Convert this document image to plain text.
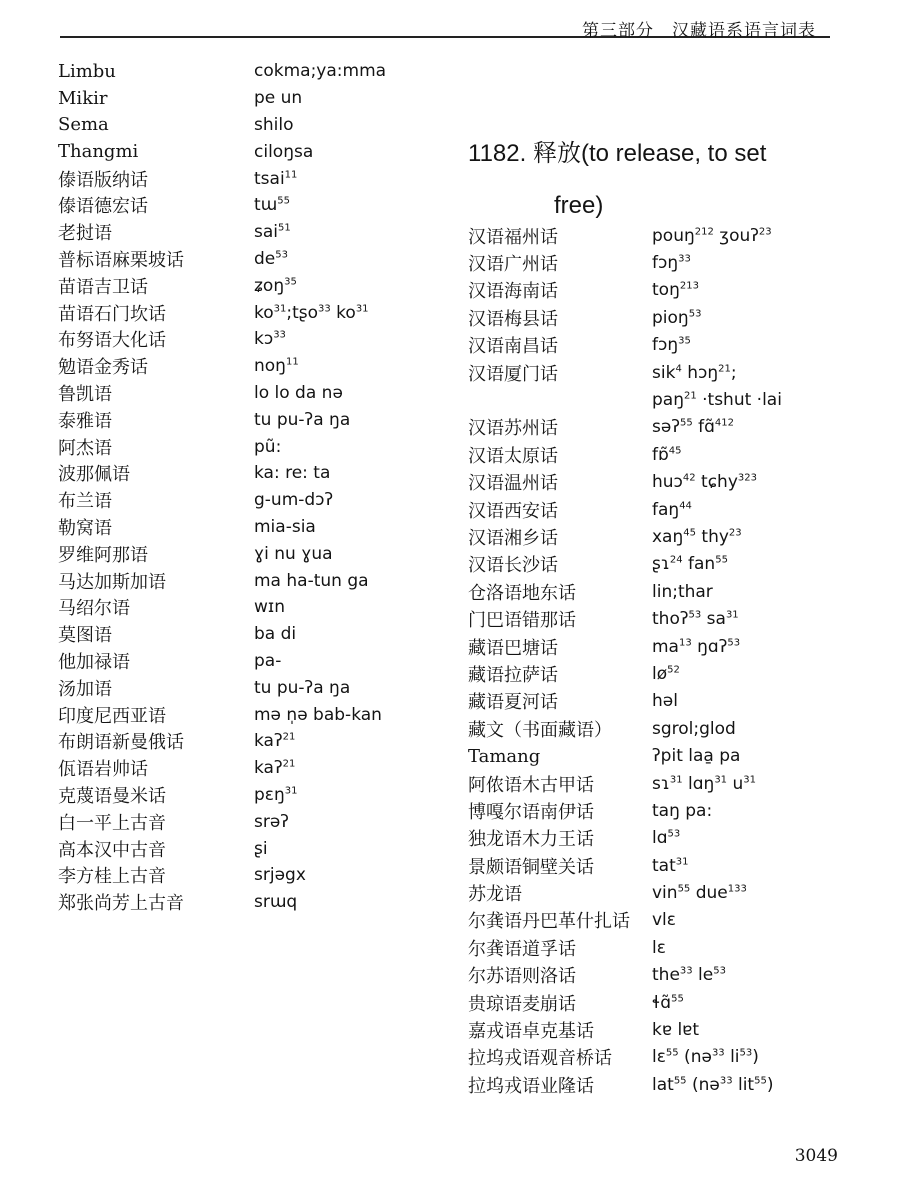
第三部分　汉藏语系语言词表
Limbu	cokma;ya:mma
Mikir	pe un
Sema	shilo
Thangmi	ciloŋsa
傣语版纳话	tsai$^{11}$
傣语德宏话	tɯ$^{55}$
老挝语	sai$^{51}$
普标语麻栗坡话	$de^{53}$
苗语吉卫话	ʑoŋ$^{35}$
苗语石门坎话	$ko^{31};tʂo^{33}$ $ko^{31}$
布努语大化话	kɔ$^{33}$
勉语金秀话	noŋ$^{11}$
鲁凯语	lo lo da nə
泰雅语	tu pu-ʔa ŋa
阿杰语	pũ:
波那佩语	ka: re: ta
布兰语	g-um-dɔʔ
勒窝语	mia-sia
罗维阿那语	ɣi nu ɣua
马达加斯加语	ma ha-tun ga
马绍尔语	wɪn
莫图语	ba di
他加禄语	pa-
汤加语	tu pu-ʔa ŋa
印度尼西亚语	mə n̩ə bab-kan
布朗语新曼俄话	kaʔ$^{21}$
佤语岩帅话	kaʔ$^{21}$
克蔑语曼米话	pɛŋ$^{31}$
白一平上古音	srəʔ
高本汉中古音	ʂi
李方桂上古音	srjəgx
郑张尚芳上古音	srɯq
1182. 释放(to release, to set
free)
汉语福州话	pouŋ$^{212}$ ʒouʔ$^{23}$
汉语广州话	fɔŋ$^{33}$
汉语海南话	toŋ$^{213}$
汉语梅县话	pioŋ$^{53}$
汉语南昌话	fɔŋ$^{35}$
汉语厦门话	sik$^4$ hɔŋ$^{21}$;
paŋ$^{21}$ ·tshut ·lai
汉语苏州话	səʔ$^{55}$ fɑ̃$^{412}$
汉语太原话	fɒ̃$^{45}$
汉语温州话	huɔ$^{42}$ tɕhy$^{323}$
汉语西安话	faŋ$^{44}$
汉语湘乡话	xaŋ$^{45}$ thy$^{23}$
汉语长沙话	ʂɿ$^{24}$ fan$^{55}$
仓洛语地东话	lin;thar
门巴语错那话	thoʔ$^{53}$ $sa^{31}$
藏语巴塘话	$ma^{13}$ ŋɑʔ$^{53}$
藏语拉萨话	$lø^{52}$
藏语夏河话	həl
藏文（书面藏语）	sgrol;glod
Tamang	ʔpit laa̱ pa
阿侬语木古甲话	sɿ$^{31}$ lɑŋ$^{31}$ $u^{31}$
博嘎尔语南伊话	taŋ pa:
独龙语木力王话	lɑ$^{53}$
景颇语铜壁关话	tat$^{31}$
苏龙语	vin$^{55}$ due$^{133}$
尔龚语丹巴革什扎话	vlɛ
尔龚语道孚话	lɛ
尔苏语则洛话	the$^{33}$ $le^{53}$
贵琼语麦崩话	ɬɑ̃$^{55}$
嘉戎语卓克基话	kɐ lɐt
拉坞戎语观音桥话	lɛ$^{55}$ (nə$^{33}$ $li^{53}$)
拉坞戎语业隆话	lat$^{55}$ (nə$^{33}$ lit$^{55}$)
3049
